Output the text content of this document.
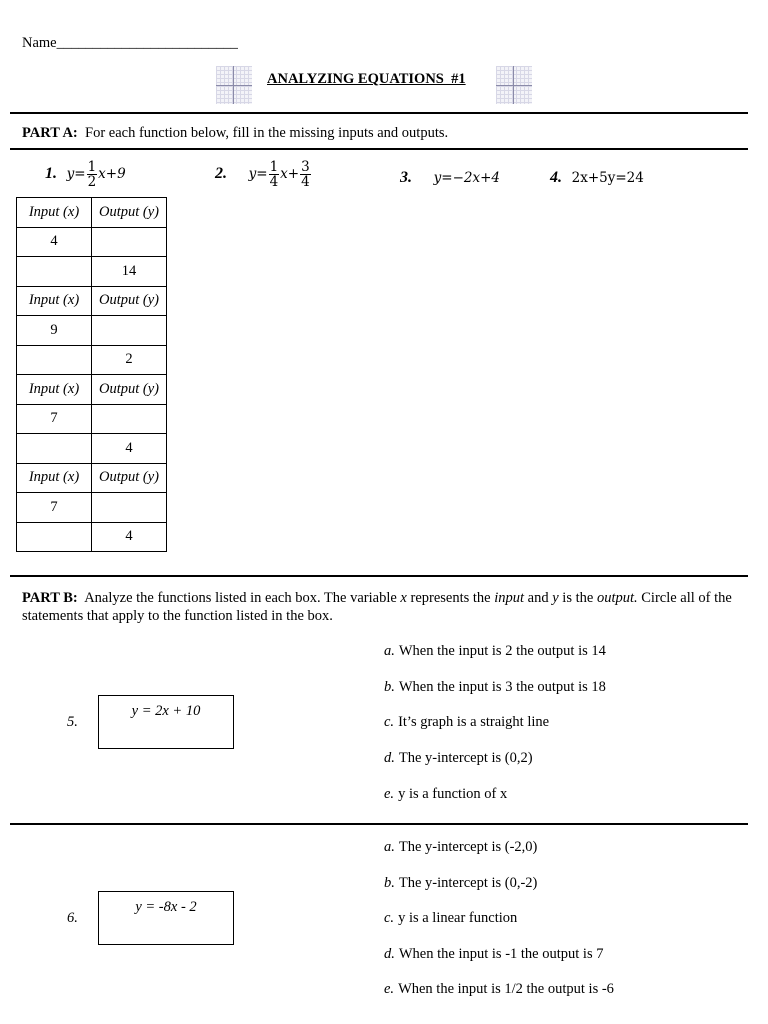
Name_________________________
ANALYZING EQUATIONS  #1
PART A: For each function below, fill in the missing inputs and outputs.
1. $y= \frac{1}{2} x+9$	2. $y= \frac{1}{4} x+ \frac{3}{4}$	3. y=−2x+4	4. 2x+5y=24
Input (x)	Output (y)
4	
	14
Input (x)	Output (y)
9	
	2
Input (x)	Output (y)
7	
	4
Input (x)	Output (y)
7	
	4
PART B: Analyze the functions listed in each box. The variable x represents the input and y is the output. Circle all of the statements that apply to the function listed in the box.
5.
y = 2x + 10
a. When the input is 2 the output is 14
b. When the input is 3 the output is 18
c. It’s graph is a straight line
d. The y-intercept is (0,2)
e. y is a function of x
6.
y = -8x - 2
a. The y-intercept is (-2,0)
b. The y-intercept is (0,-2)
c. y is a linear function
d. When the input is -1 the output is 7
e. When the input is 1/2 the output is -6
